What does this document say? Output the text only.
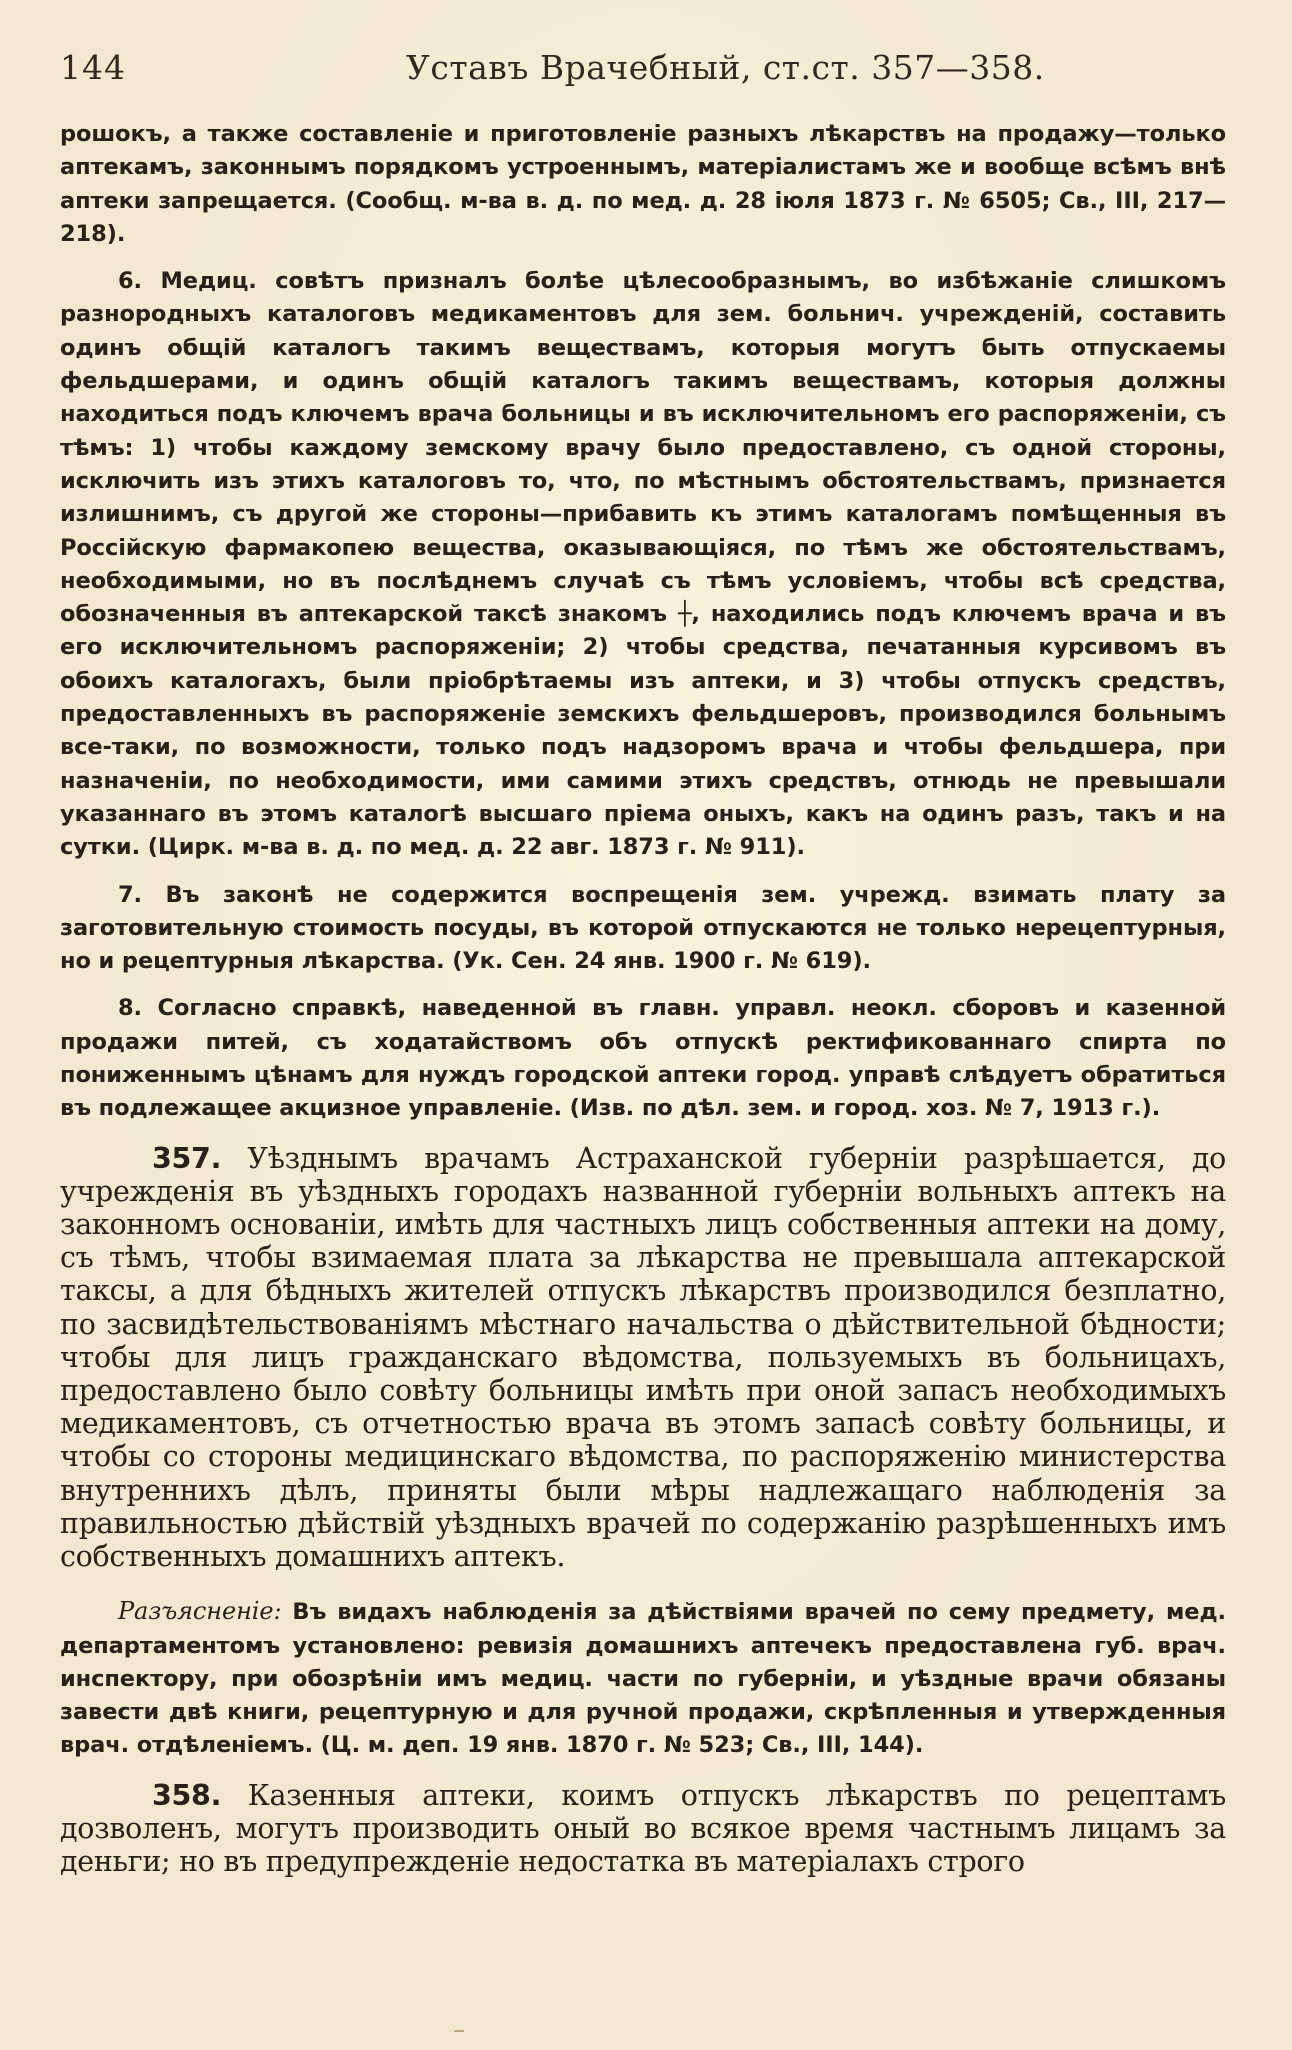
144	Уставъ Врачебный, ст.ст. 357—358.

рошокъ, а также составленіе и приготовленіе разныхъ лѣкарствъ на продажу—только аптекамъ, законнымъ порядкомъ устроеннымъ, матеріалистамъ же и вообще всѣмъ внѣ аптеки запрещается. (Сообщ. м-ва в. д. по мед. д. 28 іюля 1873 г. № 6505; Св., III, 217—218).

6. Медиц. совѣтъ призналъ болѣе цѣлесообразнымъ, во избѣжаніе слишкомъ разнородныхъ каталоговъ медикаментовъ для зем. больнич. учрежденій, составить одинъ общій каталогъ такимъ веществамъ, которыя могутъ быть отпускаемы фельдшерами, и одинъ общій каталогъ такимъ веществамъ, которыя должны находиться подъ ключемъ врача больницы и въ исключительномъ его распоряженіи, съ тѣмъ: 1) чтобы каждому земскому врачу было предоставлено, съ одной стороны, исключить изъ этихъ каталоговъ то, что, по мѣстнымъ обстоятельствамъ, признается излишнимъ, съ другой же стороны—прибавить къ этимъ каталогамъ помѣщенныя въ Россійскую фармакопею вещества, оказывающіяся, по тѣмъ же обстоятельствамъ, необходимыми, но въ послѣднемъ случаѣ съ тѣмъ условіемъ, чтобы всѣ средства, обозначенныя въ аптекарской таксѣ знакомъ ┼, находились подъ ключемъ врача и въ его исключительномъ распоряженіи; 2) чтобы средства, печатанныя курсивомъ въ обоихъ каталогахъ, были пріобрѣтаемы изъ аптеки, и 3) чтобы отпускъ средствъ, предоставленныхъ въ распоряженіе земскихъ фельдшеровъ, производился больнымъ все-таки, по возможности, только подъ надзоромъ врача и чтобы фельдшера, при назначеніи, по необходимости, ими самими этихъ средствъ, отнюдь не превышали указаннаго въ этомъ каталогѣ высшаго пріема оныхъ, какъ на одинъ разъ, такъ и на сутки. (Цирк. м-ва в. д. по мед. д. 22 авг. 1873 г. № 911).

7. Въ законѣ не содержится воспрещенія зем. учрежд. взимать плату за заготовительную стоимость посуды, въ которой отпускаются не только нерецептурныя, но и рецептурныя лѣкарства. (Ук. Сен. 24 янв. 1900 г. № 619).

8. Согласно справкѣ, наведенной въ главн. управл. неокл. сборовъ и казенной продажи питей, съ ходатайствомъ объ отпускѣ ректификованнаго спирта по пониженнымъ цѣнамъ для нуждъ городской аптеки город. управѣ слѣдуетъ обратиться въ подлежащее акцизное управленіе. (Изв. по дѣл. зем. и город. хоз. № 7, 1913 г.).

357. Уѣзднымъ врачамъ Астраханской губерніи разрѣшается, до учрежденія въ уѣздныхъ городахъ названной губерніи вольныхъ аптекъ на законномъ основаніи, имѣть для частныхъ лицъ собственныя аптеки на дому, съ тѣмъ, чтобы взимаемая плата за лѣкарства не превышала аптекарской таксы, а для бѣдныхъ жителей отпускъ лѣкарствъ производился безплатно, по засвидѣтельствованіямъ мѣстнаго начальства о дѣйствительной бѣдности; чтобы для лицъ гражданскаго вѣдомства, пользуемыхъ въ больницахъ, предоставлено было совѣту больницы имѣть при оной запасъ необходимыхъ медикаментовъ, съ отчетностью врача въ этомъ запасѣ совѣту больницы, и чтобы со стороны медицинскаго вѣдомства, по распоряженію министерства внутреннихъ дѣлъ, приняты были мѣры надлежащаго наблюденія за правильностью дѣйствій уѣздныхъ врачей по содержанію разрѣшенныхъ имъ собственныхъ домашнихъ аптекъ.

Разъясненіе: Въ видахъ наблюденія за дѣйствіями врачей по сему предмету, мед. департаментомъ установлено: ревизія домашнихъ аптечекъ предоставлена губ. врач. инспектору, при обозрѣніи имъ медиц. части по губерніи, и уѣздные врачи обязаны завести двѣ книги, рецептурную и для ручной продажи, скрѣпленныя и утвержденныя врач. отдѣленіемъ. (Ц. м. деп. 19 янв. 1870 г. № 523; Св., III, 144).

358. Казенныя аптеки, коимъ отпускъ лѣкарствъ по рецептамъ дозволенъ, могутъ производить оный во всякое время частнымъ лицамъ за деньги; но въ предупрежденіе недостатка въ матеріалахъ строго
